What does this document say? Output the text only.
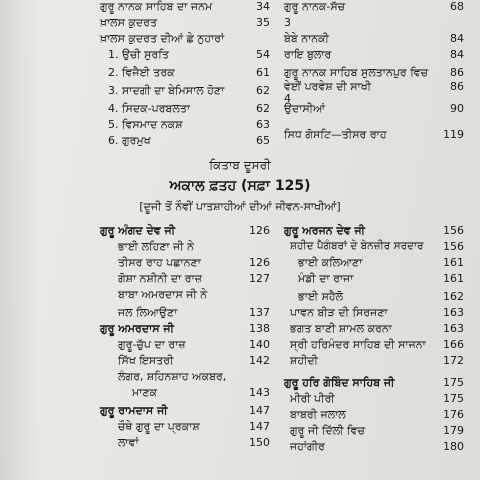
ਗੁਰੂ ਨਾਨਕ ਸਾਹਿਬ ਦਾ ਜਨਮ	34
ਖ਼ਾਲਸ ਕੁਦਰਤ	35
ਖ਼ਾਲਸ ਕੁਦਰਤ ਦੀਆਂ ਛੇ ਨੁਹਾਰਾਂ
1. ਉਚੀ ਸੁਰਤਿ	54
2. ਵਿਜੈਈ ਤਰਕ	61
3. ਸਾਦਗੀ ਦਾ ਬੇਮਿਸਾਲ ਹੋਣਾ	62
4. ਸਿਦਕ-ਪਰਬਲਤਾ	62
5. ਵਿਸਮਾਦ ਨਕਸ਼	63
6. ਗੁਰਮੁਖ	65
ਗੁਰੂ ਨਾਨਕ-ਸੱਚ	68
3
ਬੇਬੇ ਨਾਨਕੀ	84
ਰਾਇ ਬੁਲਾਰ	84
ਗੁਰੂ ਨਾਨਕ ਸਾਹਿਬ ਸੁਲਤਾਨਪੁਰ ਵਿਚ	86
ਵੇਈਂ ਪਰਵੇਸ਼ ਦੀ ਸਾਖੀ	86
4
ਉਦਾਸੀਆਂ	90
ਸਿਧ ਗੋਸਟਿ—ਤੀਸਰ ਰਾਹ	119
ਕਿਤਾਬ ਦੂਸਰੀ
ਅਕਾਲ ਫ਼ਤਹ (ਸਫ਼ਾ 125)
[ਦੂਜੀ ਤੋਂ ਨੌਵੀਂ ਪਾਤਸ਼ਾਹੀਆਂ ਦੀਆਂ ਜੀਵਨ-ਸਾਖੀਆਂ]
ਗੁਰੂ ਅੰਗਦ ਦੇਵ ਜੀ	126
ਭਾਈ ਲਹਿਣਾ ਜੀ ਨੇ
ਤੀਸਰ ਰਾਹ ਪਛਾਨਣਾ	126
ਗੋਸ਼ਾ ਨਸ਼ੀਨੀ ਦਾ ਰਾਜ਼	127
ਬਾਬਾ ਅਮਰਦਾਸ ਜੀ ਨੇ
ਜਲ ਲਿਆਉਣਾ	137
ਗੁਰੂ ਅਮਰਦਾਸ ਜੀ	138
ਗੁਰੂ-ਚੁੱਪ ਦਾ ਰਾਜ਼	140
ਸਿੱਖ ਇਸਤਰੀ	142
ਲੰਗਰ, ਸ਼ਹਿਨਸ਼ਾਹ ਅਕਬਰ,
ਮਾਣਕ	143
ਗੁਰੂ ਰਾਮਦਾਸ ਜੀ	147
ਚੌਥੇ ਗੁਰੂ ਦਾ ਪ੍ਰਕਾਸ਼	147
ਲਾਵਾਂ	150
ਗੁਰੂ ਅਰਜਨ ਦੇਵ ਜੀ	156
ਸ਼ਹੀਦ ਪੈਗੰਬਰਾਂ ਦੇ ਬੇਨਜ਼ੀਰ ਸਰਦਾਰ	156
ਭਾਈ ਕਲਿਆਣਾ	161
ਮੰਡੀ ਦਾ ਰਾਜਾ	161
ਭਾਈ ਸਹੈਲੋ	162
ਪਾਵਨ ਬੀੜ ਦੀ ਸਿਰਜਣਾ	163
ਭਗਤ ਬਾਣੀ ਸ਼ਾਮਲ ਕਰਨਾ	163
ਸ੍ਰੀ ਹਰਿਮੰਦਰ ਸਾਹਿਬ ਦੀ ਸਾਜਨਾ	166
ਸ਼ਹੀਦੀ	172
ਗੁਰੂ ਹਰਿ ਗੋਬਿੰਦ ਸਾਹਿਬ ਜੀ	175
ਮੀਰੀ ਪੀਰੀ	175
ਬਾਬਰੀ ਜਲਾਲ	176
ਗੁਰੂ ਜੀ ਦਿੱਲੀ ਵਿਚ	179
ਜਹਾਂਗੀਰ	180
